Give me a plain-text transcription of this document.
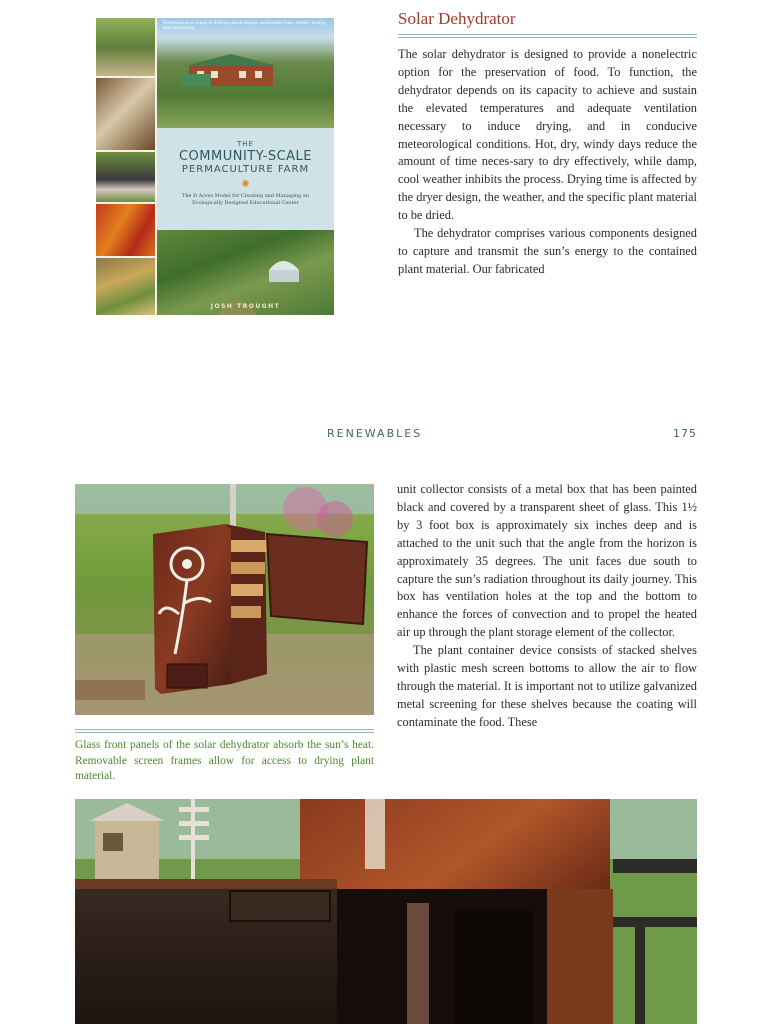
Permaculture is a way of thinking about design; sustainable food, shelter, energy and community.
THE
COMMUNITY-SCALE
PERMACULTURE FARM
✺
The D Acres Model for Creating and Managing an Ecologically Designed Educational Center
JOSH TROUGHT
Solar Dehydrator

The solar dehydrator is designed to provide a nonelectric option for the preservation of food. To function, the dehydrator depends on its capacity to achieve and sustain the elevated temperatures and adequate ventilation necessary to induce drying, and in conducive meteorological conditions. Hot, dry, windy days reduce the amount of time neces-sary to dry effectively, while damp, cool weather inhibits the process. Drying time is affected by the dryer design, the weather, and the specific plant material to be dried.

The dehydrator comprises various components designed to capture and transmit the sun’s energy to the contained plant material. Our fabricated

RENEWABLES	175
Glass front panels of the solar dehydrator absorb the sun’s heat. Removable screen frames allow for access to drying plant material.

unit collector consists of a metal box that has been painted black and covered by a transparent sheet of glass. This 1½ by 3 foot box is approximately six inches deep and is attached to the unit such that the angle from the horizon is approximately 35 degrees. The unit faces due south to capture the sun’s radiation throughout its daily journey. This box has ventilation holes at the top and the bottom to enhance the forces of convection and to propel the heated air up through the plant storage element of the collector.

The plant container device consists of stacked shelves with plastic mesh screen bottoms to allow the air to flow through the material. It is important not to utilize galvanized metal screening for these shelves because the coating will contaminate the food. These
